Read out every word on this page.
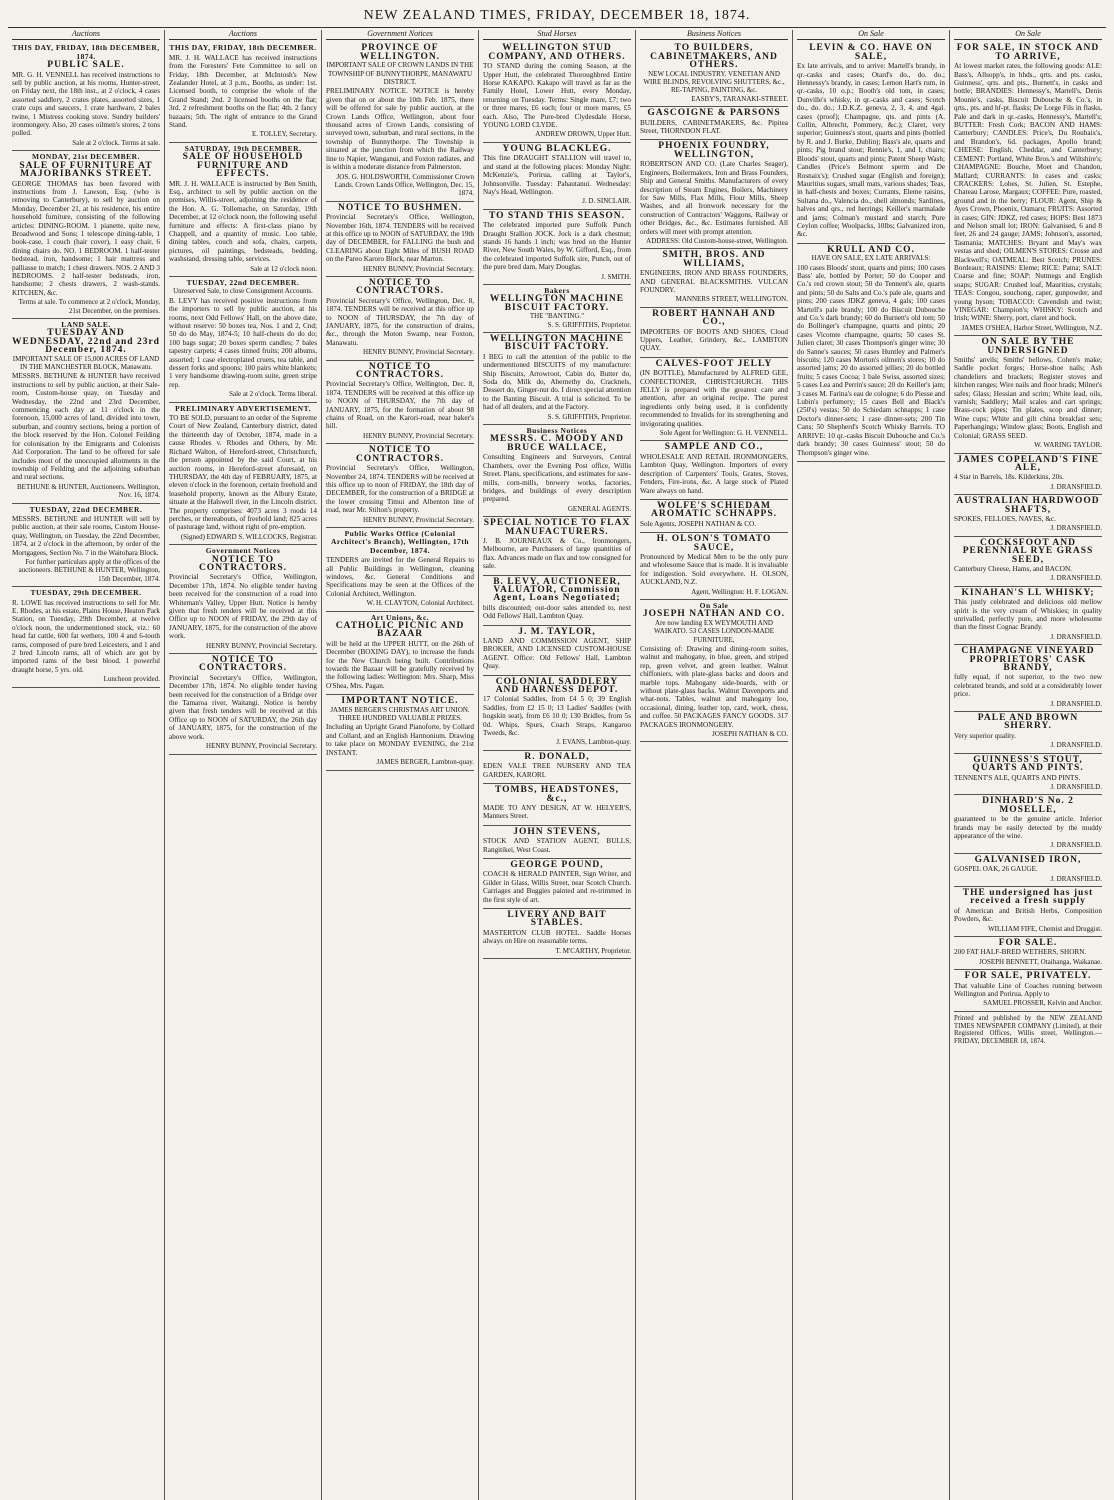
NEW ZEALAND TIMES, FRIDAY, DECEMBER 18, 1874.
Auctions
THIS DAY, FRIDAY, 18th DECEMBER, 1874.
PUBLIC SALE.

MR. G. H. VENNELL has received instructions to sell by public auction, at his rooms, Hunter-street, on Friday next, the 18th inst., at 2 o'clock, 4 cases assorted saddlery, 2 crates plates, assorted sizes, 1 crate cups and saucers, 1 crate hardware, 2 bales twine, 1 Mistress cooking stove. Sundry builders' ironmongery. Also, 20 cases oilmen's stores, 2 tons polled.

Sale at 2 o'clock. Terms at sale.
MONDAY, 21st DECEMBER.
SALE OF FURNITURE AT MAJORIBANKS STREET.

GEORGE THOMAS has been favored with instructions from J. Lawson, Esq. (who is removing to Canterbury), to sell by auction on Monday, December 21, at his residence, his entire household furniture, consisting of the following articles: DINING-ROOM. 1 pianette, quite new, Broadwood and Sons; 1 telescope dining-table, 1 book-case, 1 couch (hair cover), 1 easy chair, 6 dining chairs do. NO. 1 BEDROOM. 1 half-tester bedstead, iron, handsome; 1 hair mattress and palliasse to match; 1 chest drawers. NOS. 2 AND 3 BEDROOMS. 2 half-tester bedsteads, iron, handsome; 2 chests drawers, 2 wash-stands. KITCHEN, &c.

Terms at sale. To commence at 2 o'clock, Monday, 21st December, on the premises.
LAND SALE.
TUESDAY AND WEDNESDAY, 22nd and 23rd December, 1874.
IMPORTANT SALE OF 15,000 ACRES OF LAND IN THE MANCHESTER BLOCK, Manawatu.

MESSRS. BETHUNE & HUNTER have received instructions to sell by public auction, at their Sale-room, Custom-house quay, on Tuesday and Wednesday, the 22nd and 23rd December, commencing each day at 11 o'clock in the forenoon, 15,000 acres of land, divided into town, suburban, and country sections, being a portion of the block reserved by the Hon. Colonel Feilding for colonisation by the Emigrants and Colonists Aid Corporation. The land to be offered for sale includes most of the unoccupied allotments in the township of Feilding and the adjoining suburban and rural sections.

BETHUNE & HUNTER, Auctioneers. Wellington, Nov. 16, 1874.
TUESDAY, 22nd DECEMBER.

MESSRS. BETHUNE and HUNTER will sell by public auction, at their sale rooms, Custom House-quay, Wellington, on Tuesday, the 22nd December, 1874, at 2 o'clock in the afternoon, by order of the Mortgagees, Section No. 7 in the Waitohara Block.

For further particulars apply at the offices of the auctioneers. BETHUNE & HUNTER, Wellington, 15th December, 1874.
TUESDAY, 29th DECEMBER.

R. LOWE has received instructions to sell for Mr. E. Rhodes, at his estate, Plains House, Heaton Park Station, on Tuesday, 29th December, at twelve o'clock noon, the undermentioned stock, viz.: 60 head fat cattle, 600 fat wethers, 100 4 and 6-tooth rams, composed of pure bred Leicesters, and 1 and 2 bred Lincoln rams, all of which are got by imported rams of the best blood. 1 powerful draught horse, 5 yrs. old.

Luncheon provided.
Auctions
THIS DAY, FRIDAY, 18th DECEMBER.

MR. J. H. WALLACE has received instructions from the Foresters' Fete Committee to sell on Friday, 18th December, at McIntosh's New Zealander Hotel, at 3 p.m., Booths, as under: 1st. Licensed booth, to comprise the whole of the Grand Stand; 2nd. 2 licensed booths on the flat; 3rd. 2 refreshment booths on the flat; 4th. 2 fancy bazaars; 5th. The right of entrance to the Grand Stand.

E. TOLLEY, Secretary.
SATURDAY, 19th DECEMBER.
SALE OF HOUSEHOLD FURNITURE AND EFFECTS.

MR. J. H. WALLACE is instructed by Ben Smith, Esq., architect to sell by public auction on the premises, Willis-street, adjoining the residence of the Hon. A. G. Tollemache, on Saturday, 19th December, at 12 o'clock noon, the following useful furniture and effects: A first-class piano by Chappell, and a quantity of music. Loo table, dining tables, couch and sofa, chairs, carpets, pictures, oil paintings, bedsteads, bedding, washstand, dressing table, services.

Sale at 12 o'clock noon.
TUESDAY, 22nd DECEMBER.
Unreserved Sale, to close Consignment Accounts.

B. LEVY has received positive instructions from the importers to sell by public auction, at his rooms, next Odd Fellows' Hall, on the above date, without reserve: 50 boxes tea, Nos. 1 and 2, Cnd; 50 do do May, 1874-5; 10 half-chests do do do; 100 bags sugar; 20 boxes sperm candles; 7 bales tapestry carpets; 4 cases tinned fruits; 200 albums, assorted; 1 case electroplated cruets, tea table, and dessert forks and spoons; 100 pairs white blankets; 1 very handsome drawing-room suite, green stripe rep.

Sale at 2 o'clock. Terms liberal.
PRELIMINARY ADVERTISEMENT.

TO BE SOLD, pursuant to an order of the Supreme Court of New Zealand, Canterbury district, dated the thirteenth day of October, 1874, made in a cause Rhodes v. Rhodes and Others, by Mr. Richard Walton, of Hereford-street, Christchurch, the person appointed by the said Court, at his auction rooms, in Hereford-street aforesaid, on THURSDAY, the 4th day of FEBRUARY, 1875, at eleven o'clock in the forenoon, certain freehold and leasehold property, known as the Albury Estate, situate at the Halswell river, in the Lincoln district. The property comprises: 4073 acres 3 roods 14 perches, or thereabouts, of freehold land; 825 acres of pasturage land, without right of pre-emption.

(Signed) EDWARD S. WILLCOCKS, Registrar.
Government Notices
NOTICE TO CONTRACTORS.

Provincial Secretary's Office, Wellington, December 17th, 1874. No eligible tender having been received for the construction of a road into Whiteman's Valley, Upper Hutt. Notice is hereby given that fresh tenders will be received at this Office up to NOON of FRIDAY, the 29th day of JANUARY, 1875, for the construction of the above work.

HENRY BUNNY, Provincial Secretary.
NOTICE TO CONTRACTORS.

Provincial Secretary's Office, Wellington, December 17th, 1874. No eligible tender having been received for the construction of a Bridge over the Tamaroa river, Waitangi. Notice is hereby given that fresh tenders will be received at this Office up to NOON of SATURDAY, the 26th day of JANUARY, 1875, for the construction of the above work.

HENRY BUNNY, Provincial Secretary.
Government Notices
PROVINCE OF WELLINGTON.
IMPORTANT SALE OF CROWN LANDS IN THE TOWNSHIP OF BUNNYTHORPE, MANAWATU DISTRICT.

PRELIMINARY NOTICE. NOTICE is hereby given that on or about the 10th Feb. 1875, there will be offered for sale by public auction, at the Crown Lands Office, Wellington, about four thousand acres of Crown Lands, consisting of surveyed town, suburban, and rural sections, in the township of Bunnythorpe. The Township is situated at the junction from which the Railway line to Napier, Wanganui, and Foxton radiates, and is within a moderate distance from Palmerston.

JOS. G. HOLDSWORTH, Commissioner Crown Lands. Crown Lands Office, Wellington, Dec. 15, 1874.
NOTICE TO BUSHMEN.

Provincial Secretary's Office, Wellington, November 16th, 1874. TENDERS will be received at this office up to NOON of SATURDAY, the 19th day of DECEMBER, for FALLING the bush and CLEARING about Eight Miles of BUSH ROAD on the Pareo Karoro Block, near Marton.

HENRY BUNNY, Provincial Secretary.
NOTICE TO CONTRACTORS.

Provincial Secretary's Office, Wellington, Dec. 8, 1874. TENDERS will be received at this office up to NOON of THURSDAY, the 7th day of JANUARY, 1875, for the construction of drains, &c., through the Moton Swamp, near Foxton, Manawatu.

HENRY BUNNY, Provincial Secretary.
NOTICE TO CONTRACTORS.

Provincial Secretary's Office, Wellington, Dec. 8, 1874. TENDERS will be received at this office up to NOON of THURSDAY, the 7th day of JANUARY, 1875, for the formation of about 98 chains of Road, on the Karori-road, near baker's hill.

HENRY BUNNY, Provincial Secretary.
NOTICE TO CONTRACTORS.

Provincial Secretary's Office, Wellington, November 24, 1874. TENDERS will be received at this office up to noon of FRIDAY, the 18th day of DECEMBER, for the construction of a BRIDGE at the lower crossing Timui and Albenton line of road, near Mr. Stilton's property.

HENRY BUNNY, Provincial Secretary.
Public Works Office (Colonial Architect's Branch), Wellington, 17th December, 1874.

TENDERS are invited for the General Repairs to all Public Buildings in Wellington, cleaning windows, &c. General Conditions and Specifications may be seen at the Offices of the Colonial Architect, Wellington.

W. H. CLAYTON, Colonial Architect.
Art Unions, &c.
CATHOLIC PICNIC AND BAZAAR

will be held at the UPPER HUTT, on the 26th of December (BOXING DAY), to increase the funds for the New Church being built. Contributions towards the Bazaar will be gratefully received by the following ladies: Wellington: Mrs. Sharp, Miss O'Shea, Mrs. Pagan.

IMPORTANT NOTICE.
JAMES BERGER'S CHRISTMAS ART UNION. THREE HUNDRED VALUABLE PRIZES.

Including an Upright Grand Pianoforte, by Collard and Collard, and an English Harmonium. Drawing to take place on MONDAY EVENING, the 21st INSTANT.

JAMES BERGER, Lambton-quay.
Stud Horses
WELLINGTON STUD COMPANY, AND OTHERS.

TO STAND during the coming Season, at the Upper Hutt, the celebrated Thoroughbred Entire Horse KAKAPO. Kakapo will travel as far as the Family Hotel, Lower Hutt, every Monday, returning on Tuesday. Terms: Single mare, £7; two or three mares, £6 each; four or more mares, £5 each. Also, The Pure-bred Clydesdale Horse, YOUNG LORD CLYDE.

ANDREW DROWN, Upper Hutt.
YOUNG BLACKLEG.

This fine DRAUGHT STALLION will travel to, and stand at the following places: Monday Night: McKenzie's, Porirua, calling at Taylor's, Johnsonville. Tuesday: Pahautanui. Wednesday: Nay's Head, Wellington.

J. D. SINCLAIR.
TO STAND THIS SEASON.

The celebrated imported pure Suffolk Punch Draught Stallion JOCK. Jock is a dark chestnut; stands 16 hands 1 inch; was bred on the Hunter River, New South Wales, by W. Gifford, Esq., from the celebrated imported Suffolk sire, Punch, out of the pure bred dam, Mary Douglas.

J. SMITH.
Bakers
WELLINGTON MACHINE BISCUIT FACTORY.
THE "BANTING."
S. S. GRIFFITHS, Proprietor.
WELLINGTON MACHINE BISCUIT FACTORY.

I BEG to call the attention of the public to the undermentioned BISCUITS of my manufacture: Ship Biscuits, Arrowroot, Cabin do, Butter do, Soda do, Milk do, Abernethy do, Cracknels, Dessert do, Ginger-nut do. I direct special attention to the Banting Biscuit. A trial is solicited. To be had of all dealers, and at the Factory.

S. S. GRIFFITHS, Proprietor.
Business Notices
MESSRS. C. MOODY AND BRUCE WALLACE,

Consulting Engineers and Surveyors, Central Chambers, over the Evening Post office, Willis Street. Plans, specifications, and estimates for saw-mills, corn-mills, brewery works, factories, bridges, and buildings of every description prepared.

GENERAL AGENTS.
SPECIAL NOTICE TO FLAX MANUFACTURERS.

J. B. JOURNEAUX & Co., Ironmongers, Melbourne, are Purchasers of large quantities of flax. Advances made on flax and tow consigned for sale.

B. LEVY, AUCTIONEER, VALUATOR, Commission Agent, Loans Negotiated;

bills discounted; out-door sales attended to, next Odd Fellows' Hall, Lambton Quay.

J. M. TAYLOR,

LAND AND COMMISSION AGENT, SHIP BROKER, AND LICENSED CUSTOM-HOUSE AGENT. Office: Old Fellows' Hall, Lambton Quay.

COLONIAL SADDLERY AND HARNESS DEPOT.

17 Colonial Saddles, from £4 5 0; 39 English Saddles, from £2 15 0; 13 Ladies' Saddles (with hogskin seat), from £6 10 0; 130 Bridles, from 5s 0d. Whips, Spurs, Coach Straps, Kangaroo Tweeds, &c.

J. EVANS, Lambton-quay.
R. DONALD,

EDEN VALE TREE NURSERY AND TEA GARDEN, KARORI.

TOMBS, HEADSTONES, &c.,

MADE TO ANY DESIGN, AT W. HELYER'S, Manners Street.

JOHN STEVENS,

STOCK AND STATION AGENT, BULLS, Rangitikei, West Coast.

GEORGE POUND,

COACH & HERALD PAINTER, Sign Writer, and Gilder in Glass, Willis Street, near Scotch Church. Carriages and Buggies painted and re-trimmed in the first style of art.

LIVERY AND BAIT STABLES.

MASTERTON CLUB HOTEL. Saddle Horses always on Hire on reasonable terms.

T. M'CARTHY, Proprietor.
Business Notices
TO BUILDERS, CABINETMAKERS, AND OTHERS.
NEW LOCAL INDUSTRY. VENETIAN AND WIRE BLINDS, REVOLVING SHUTTERS, &c., RE-TAPING, PAINTING, &c.
EASBY'S, TARANAKI-STREET.
GASCOIGNE & PARSONS

BUILDERS, CABINETMAKERS, &c. Pipitea Street, THORNDON FLAT.

PHOENIX FOUNDRY, WELLINGTON,

ROBERTSON AND CO. (Late Charles Seager), Engineers, Boilermakers, Iron and Brass Founders, Ship and General Smiths. Manufacturers of every description of Steam Engines, Boilers, Machinery for Saw Mills, Flax Mills, Flour Mills, Sheep Washes, and all Ironwork necessary for the construction of Contractors' Waggons, Railway or other Bridges, &c., &c. Estimates furnished. All orders will meet with prompt attention.

ADDRESS: Old Custom-house-street, Wellington.
SMITH, BROS. AND WILLIAMS,

ENGINEERS, IRON AND BRASS FOUNDERS, AND GENERAL BLACKSMITHS. VULCAN FOUNDRY.

MANNERS STREET, WELLINGTON.
ROBERT HANNAH AND CO.,

IMPORTERS OF BOOTS AND SHOES, Cloud Uppers, Leather, Grindery, &c., LAMBTON QUAY.

CALVES-FOOT JELLY

(IN BOTTLE), Manufactured by ALFRED GEE, CONFECTIONER, CHRISTCHURCH. THIS JELLY is prepared with the greatest care and attention, after an original recipe. The purest ingredients only being used, it is confidently recommended to Invalids for its strengthening and invigorating qualities.

Sole Agent for Wellington: G. H. VENNELL.
SAMPLE AND CO.,

WHOLESALE AND RETAIL IRONMONGERS, Lambton Quay, Wellington. Importers of every description of Carpenters' Tools, Grates, Stoves, Fenders, Fire-irons, &c. A large stock of Plated Ware always on hand.

WOLFE'S SCHIEDAM AROMATIC SCHNAPPS.

Sole Agents, JOSEPH NATHAN & CO.

H. OLSON'S TOMATO SAUCE,

Pronounced by Medical Men to be the only pure and wholesome Sauce that is made. It is invaluable for indigestion. Sold everywhere. H. OLSON, AUCKLAND, N.Z.

Agent, Wellington: H. F. LOGAN.
On Sale
JOSEPH NATHAN AND CO.
Are now landing EX WEYMOUTH AND WAIKATO. 53 CASES LONDON-MADE FURNITURE,

Consisting of: Drawing and dining-room suites, walnut and mahogany, in blue, green, and striped rep, green velvet, and green leather. Walnut chiffoniers, with plate-glass backs and doors and marble tops. Mahogany side-boards, with or without plate-glass backs. Walnut Davenports and what-nots. Tables, walnut and mahogany loo, occasional, dining, leather top, card, work, chess, and coffee. 50 PACKAGES FANCY GOODS. 317 PACKAGES IRONMONGERY.

JOSEPH NATHAN & CO.
On Sale
LEVIN & CO. HAVE ON SALE,

Ex late arrivals, and to arrive: Martell's brandy, in qr.-casks and cases; Otard's do., do. do.; Hennessy's brandy, in cases; Lemon Hart's rum, in qr.-casks, 10 o.p.; Booth's old tom, in cases; Dunville's whisky, in qr.-casks and cases; Scotch do., do. do.; J.D.K.Z. geneva, 2, 3, 4, and 4gal. cases (proof); Champagne, qts. and pints (A. Collin, Albrecht, Pommery, &c.); Claret, very superior; Guinness's stout, quarts and pints (bottled by R. and J. Burke, Dublin); Bass's ale, quarts and pints; Pig brand stout; Rennie's, 1, and I, chairs; Bloods' stout, quarts and pints; Patent Sheep Wash; Candles (Price's Belmont sperm and De Rosnaix's); Crushed sugar (English and foreign); Mauritius sugars, small mats, various shades; Teas, in half-chests and boxes; Currants, Eleme raisins, Sultana do., Valencia do., shell almonds; Sardines, halves and qrs., red herrings; Keiller's marmalade and jams; Colman's mustard and starch; Pure Ceylon coffee; Woolpacks, 10lbs; Galvanized iron, &c.

KRULL AND CO.
HAVE ON SALE, EX LATE ARRIVALS:

100 cases Bloods' stout, quarts and pints; 100 cases Bass' ale, bottled by Porter; 50 do Cooper and Co.'s red crown stout; 50 do Tennent's ale, quarts and pints; 50 do Salts and Co.'s pale ale, quarts and pints; 200 cases JDKZ geneva, 4 gals; 100 cases Martell's pale brandy; 100 do Biscuit Dubouche and Co.'s dark brandy; 60 do Burnett's old tom; 50 do Bollinger's champagne, quarts and pints; 20 cases Vicomte champagne, quarts; 50 cases St. Julien claret; 30 cases Thompson's ginger wine; 30 do Sanne's sauces; 50 cases Huntley and Palmer's biscuits; 120 cases Morton's oilmen's stores; 10 do assorted jams; 20 do assorted jellies; 20 do bottled fruits; 5 cases Cocoa; 1 bale Swiss, assorted sizes; 5 cases Lea and Perrin's sauce; 20 do Keiller's jam; 3 cases M. Farina's eau de cologne; 6 do Piesse and Lubin's perfumery; 15 cases Bell and Black's (250's) vestas; 50 do Schiedam schnapps; 1 case Doctor's dinner-sets; 1 case dinner-sets; 200 Tin Cans; 50 Shepherd's Scotch Whisky Barrels. TO ARRIVE: 10 qr.-casks Biscuit Dubouche and Co.'s dark brandy; 30 cases Guinness' stout; 50 do Thompson's ginger wine.

On Sale
FOR SALE, IN STOCK AND TO ARRIVE,

At lowest market rates, the following goods: ALE: Bass's, Allsopp's, in hhds., qrts. and pts. casks, Guinness', qrts. and pts., Burnett's, in casks and bottle; BRANDIES: Hennessy's, Martell's, Denis Mounie's, casks, Biscuit Dubouche & Co.'s, in qrts., pts. and hf-pt. flasks; De Lorge Fils in flasks, Pale and dark in qr.-casks, Hennessy's, Martell's; BUTTER: Fresh Cork; BACON AND HAMS: Canterbury; CANDLES: Price's, Du Roubaix's, and Brandon's, 6d. packages, Apollo brand; CHEESE: English, Cheddar, and Canterbury; CEMENT: Portland, White Bros.'s and Wiltshire's; CHAMPAGNE: Bouche, Moet and Chandon, Mallard; CURRANTS: In cases and casks; CRACKERS: Lobes, St. Julien, St. Estephe, Chateau Larose, Margaux; COFFEE: Pure, roasted, ground and in the berry; FLOUR: Agent, Ship & Ayes Crown, Phoenix, Oamaru; FRUITS: Assorted in cases; GIN: JDKZ, red cases; HOPS: Best 1873 and Nelson small lot; IRON: Galvanised, 6 and 8 feet, 26 and 24 gauge; JAMS: Johnson's, assorted, Tasmania; MATCHES: Bryant and May's wax vestas and shed; OILMEN'S STORES: Crosse and Blackwell's; OATMEAL: Best Scotch; PRUNES: Bordeaux; RAISINS: Eleme; RICE: Patna; SALT: Coarse and fine; SOAP: Nutmegs and English soaps; SUGAR: Crushed loaf, Mauritius, crystals; TEAS: Congou, souchong, caper, gunpowder, and young hyson; TOBACCO: Cavendish and twist; VINEGAR: Champion's; WHISKY: Scotch and Irish; WINE: Sherry, port, claret and hock.

JAMES O'SHEA, Harbor Street, Wellington, N.Z.
ON SALE BY THE UNDERSIGNED

Smiths' anvils; Smiths' bellows, Cohen's make; Saddle pocket forges; Horse-shoe nails; Ash chandeliers and brackets; Register stoves and kitchen ranges; Wire nails and floor brads; Milner's safes; Glass; Hessian and scrim; White lead, oils, varnish; Saddlery; Mail scales and cart springs; Brass-cock pipes; Tin plates, scop and dinner; Wine cups; White and gilt china breakfast sets; Paperhangings; Window glass; Boots, English and Colonial; GRASS SEED.

W. WARING TAYLOR.
JAMES COPELAND'S FINE ALE,

4 Star in Barrels, 18s. Kilderkins, 20s.

J. DRANSFIELD.
AUSTRALIAN HARDWOOD SHAFTS,

SPOKES, FELLOES, NAVES, &c.

J. DRANSFIELD.
COCKSFOOT AND PERENNIAL RYE GRASS SEED,

Canterbury Cheese, Hams, and BACON.

J. DRANSFIELD.
KINAHAN'S LL WHISKY;

This justly celebrated and delicious old mellow spirit is the very cream of Whiskies; in quality unrivalled, perfectly pure, and more wholesome than the finest Cognac Brandy.

J. DRANSFIELD.
CHAMPAGNE VINEYARD PROPRIETORS' CASK BRANDY,

fully equal, if not superior, to the two new celebrated brands, and sold at a considerably lower price.

J. DRANSFIELD.
PALE AND BROWN SHERRY.

Very superior quality.

J. DRANSFIELD.
GUINNESS'S STOUT, QUARTS AND PINTS.

TENNENT'S ALE, QUARTS AND PINTS.

J. DRANSFIELD.
DINHARD'S No. 2 MOSELLE,

guaranteed to be the genuine article. Inferior brands may be easily detected by the muddy appearance of the wine.

J. DRANSFIELD.
GALVANISED IRON,

GOSPEL OAK, 26 GAUGE.

J. DRANSFIELD.
THE undersigned has just received a fresh supply

of American and British Herbs, Composition Powders, &c.

WILLIAM FIFE, Chemist and Druggist.
FOR SALE.

200 FAT HALF-BRED WETHERS, SHORN.

JOSEPH BENNETT, Otaihanga, Waikanae.
FOR SALE, PRIVATELY.

That valuable Line of Coaches running between Wellington and Porirua. Apply to

SAMUEL PROSSER, Kelvin and Anchor.
Printed and published by the NEW ZEALAND TIMES NEWSPAPER COMPANY (Limited), at their Registered Offices, Willis street, Wellington.—FRIDAY, DECEMBER 18, 1874.
